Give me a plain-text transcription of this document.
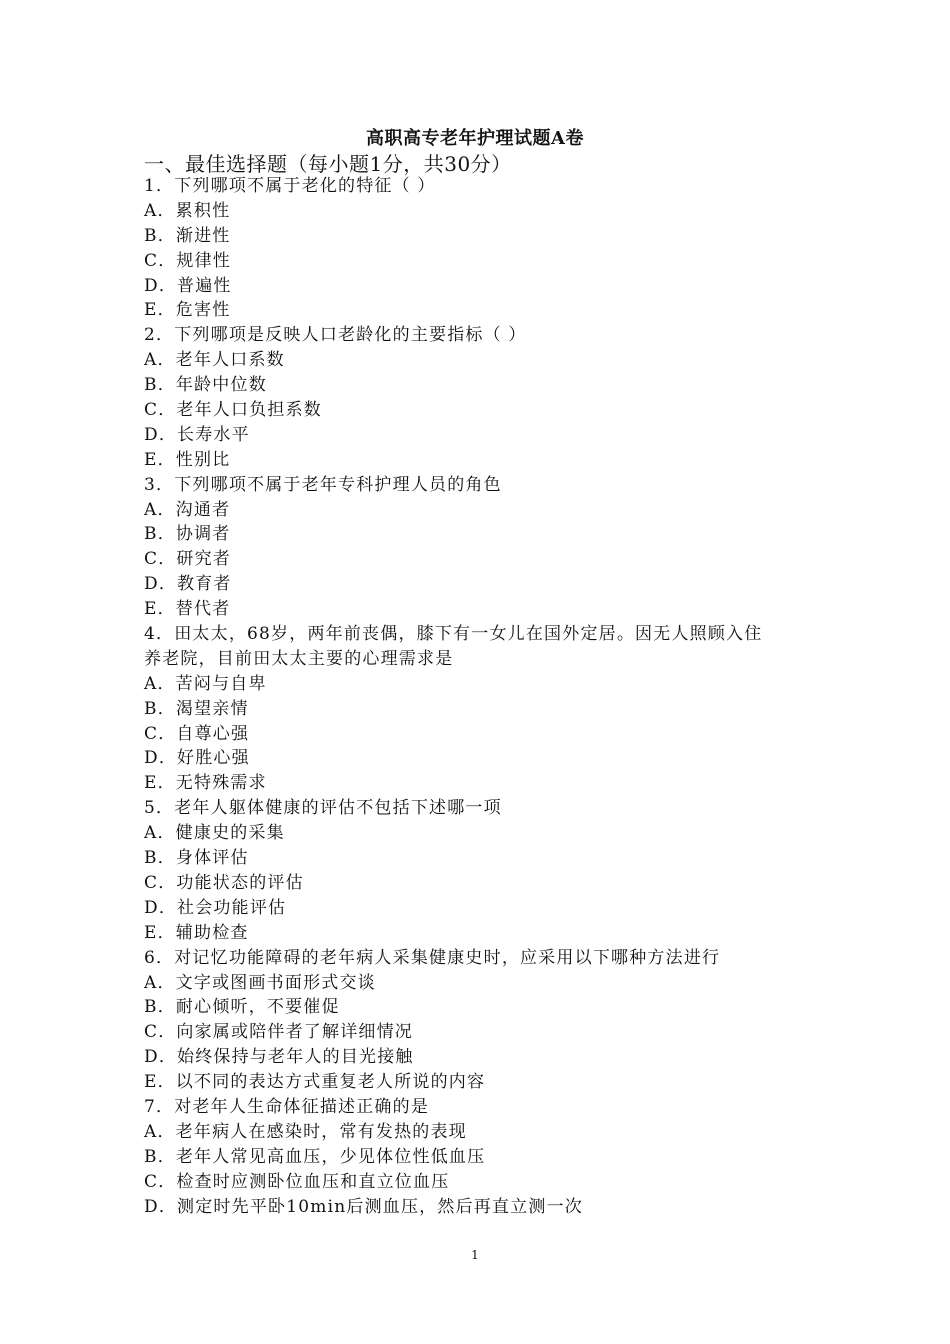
高职高专老年护理试题A卷
一、最佳选择题（每小题1分，共30分）
1．下列哪项不属于老化的特征（ ）
A．累积性
B．渐进性
C．规律性
D．普遍性
E．危害性
2．下列哪项是反映人口老龄化的主要指标（ ）
A．老年人口系数
B．年龄中位数
C．老年人口负担系数
D．长寿水平
E．性别比
3．下列哪项不属于老年专科护理人员的角色
A．沟通者
B．协调者
C．研究者
D．教育者
E．替代者
4．田太太，68岁，两年前丧偶，膝下有一女儿在国外定居。因无人照顾入住
养老院，目前田太太主要的心理需求是
A．苦闷与自卑
B．渴望亲情
C．自尊心强
D．好胜心强
E．无特殊需求
5．老年人躯体健康的评估不包括下述哪一项
A．健康史的采集
B．身体评估
C．功能状态的评估
D．社会功能评估
E．辅助检查
6．对记忆功能障碍的老年病人采集健康史时，应采用以下哪种方法进行
A．文字或图画书面形式交谈
B．耐心倾听，不要催促
C．向家属或陪伴者了解详细情况
D．始终保持与老年人的目光接触
E．以不同的表达方式重复老人所说的内容
7．对老年人生命体征描述正确的是
A．老年病人在感染时，常有发热的表现
B．老年人常见高血压，少见体位性低血压
C．检查时应测卧位血压和直立位血压
D．测定时先平卧10min后测血压，然后再直立测一次
1
